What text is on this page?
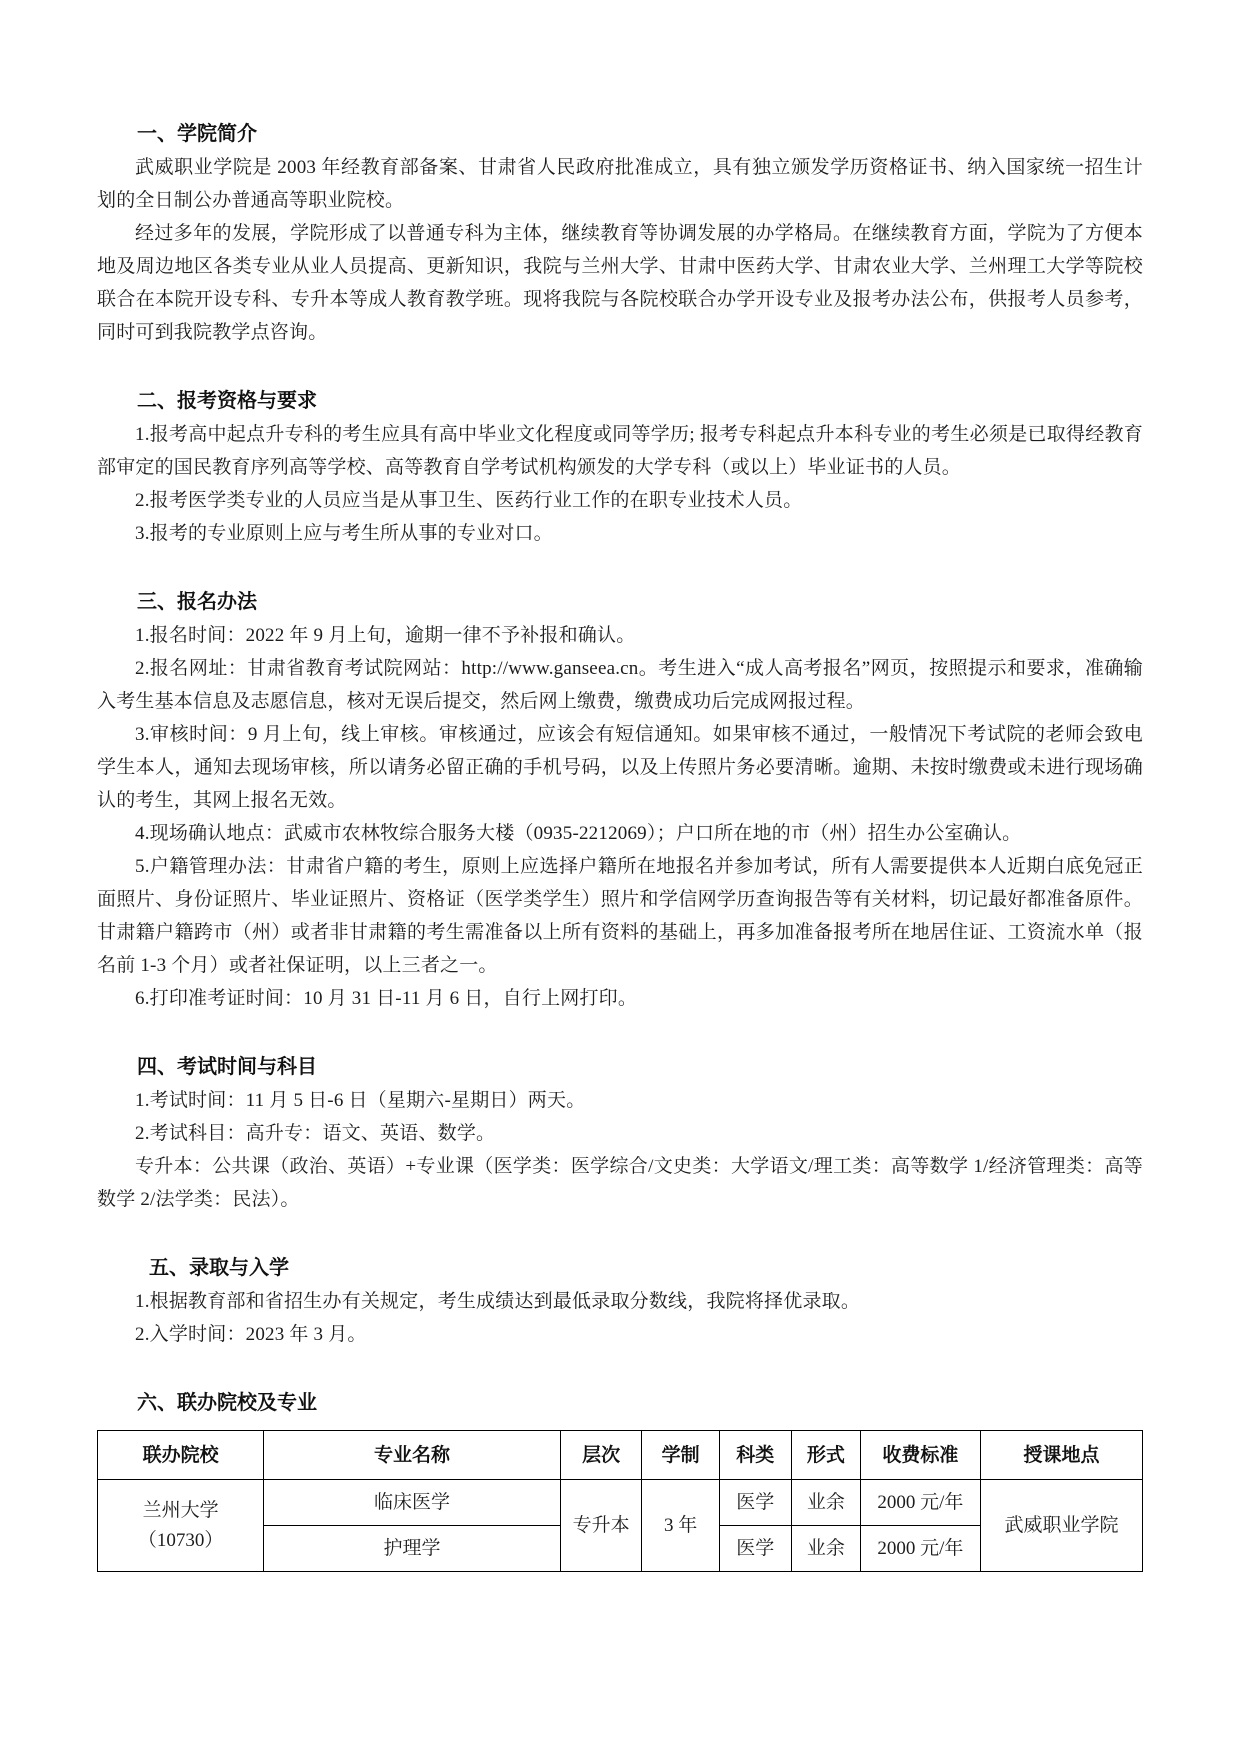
一、学院简介

武威职业学院是 2003 年经教育部备案、甘肃省人民政府批准成立，具有独立颁发学历资格证书、纳入国家统一招生计划的全日制公办普通高等职业院校。

经过多年的发展，学院形成了以普通专科为主体，继续教育等协调发展的办学格局。在继续教育方面，学院为了方便本地及周边地区各类专业从业人员提高、更新知识，我院与兰州大学、甘肃中医药大学、甘肃农业大学、兰州理工大学等院校联合在本院开设专科、专升本等成人教育教学班。现将我院与各院校联合办学开设专业及报考办法公布，供报考人员参考，同时可到我院教学点咨询。

二、报考资格与要求

1.报考高中起点升专科的考生应具有高中毕业文化程度或同等学历; 报考专科起点升本科专业的考生必须是已取得经教育部审定的国民教育序列高等学校、高等教育自学考试机构颁发的大学专科（或以上）毕业证书的人员。

2.报考医学类专业的人员应当是从事卫生、医药行业工作的在职专业技术人员。

3.报考的专业原则上应与考生所从事的专业对口。

三、报名办法

1.报名时间：2022 年 9 月上旬，逾期一律不予补报和确认。

2.报名网址：甘肃省教育考试院网站：http://www.ganseea.cn。考生进入“成人高考报名”网页，按照提示和要求，准确输入考生基本信息及志愿信息，核对无误后提交，然后网上缴费，缴费成功后完成网报过程。

3.审核时间：9 月上旬，线上审核。审核通过，应该会有短信通知。如果审核不通过，一般情况下考试院的老师会致电学生本人，通知去现场审核，所以请务必留正确的手机号码，以及上传照片务必要清晰。逾期、未按时缴费或未进行现场确认的考生，其网上报名无效。

4.现场确认地点：武威市农林牧综合服务大楼（0935-2212069）；户口所在地的市（州）招生办公室确认。

5.户籍管理办法：甘肃省户籍的考生，原则上应选择户籍所在地报名并参加考试，所有人需要提供本人近期白底免冠正面照片、身份证照片、毕业证照片、资格证（医学类学生）照片和学信网学历查询报告等有关材料，切记最好都准备原件。甘肃籍户籍跨市（州）或者非甘肃籍的考生需准备以上所有资料的基础上，再多加准备报考所在地居住证、工资流水单（报名前 1-3 个月）或者社保证明，以上三者之一。

6.打印准考证时间：10 月 31 日-11 月 6 日，自行上网打印。

四、考试时间与科目

1.考试时间：11 月 5 日-6 日（星期六-星期日）两天。

2.考试科目：高升专：语文、英语、数学。

专升本：公共课（政治、英语）+专业课（医学类：医学综合/文史类：大学语文/理工类：高等数学 1/经济管理类：高等数学 2/法学类：民法）。

五、录取与入学

1.根据教育部和省招生办有关规定，考生成绩达到最低录取分数线，我院将择优录取。

2.入学时间：2023 年 3 月。

六、联办院校及专业
联办院校	专业名称	层次	学制	科类	形式	收费标准	授课地点

兰州大学
（10730）	临床医学	专升本	3 年	医学	业余	2000 元/年	武威职业学院
	护理学			医学	业余	2000 元/年	
